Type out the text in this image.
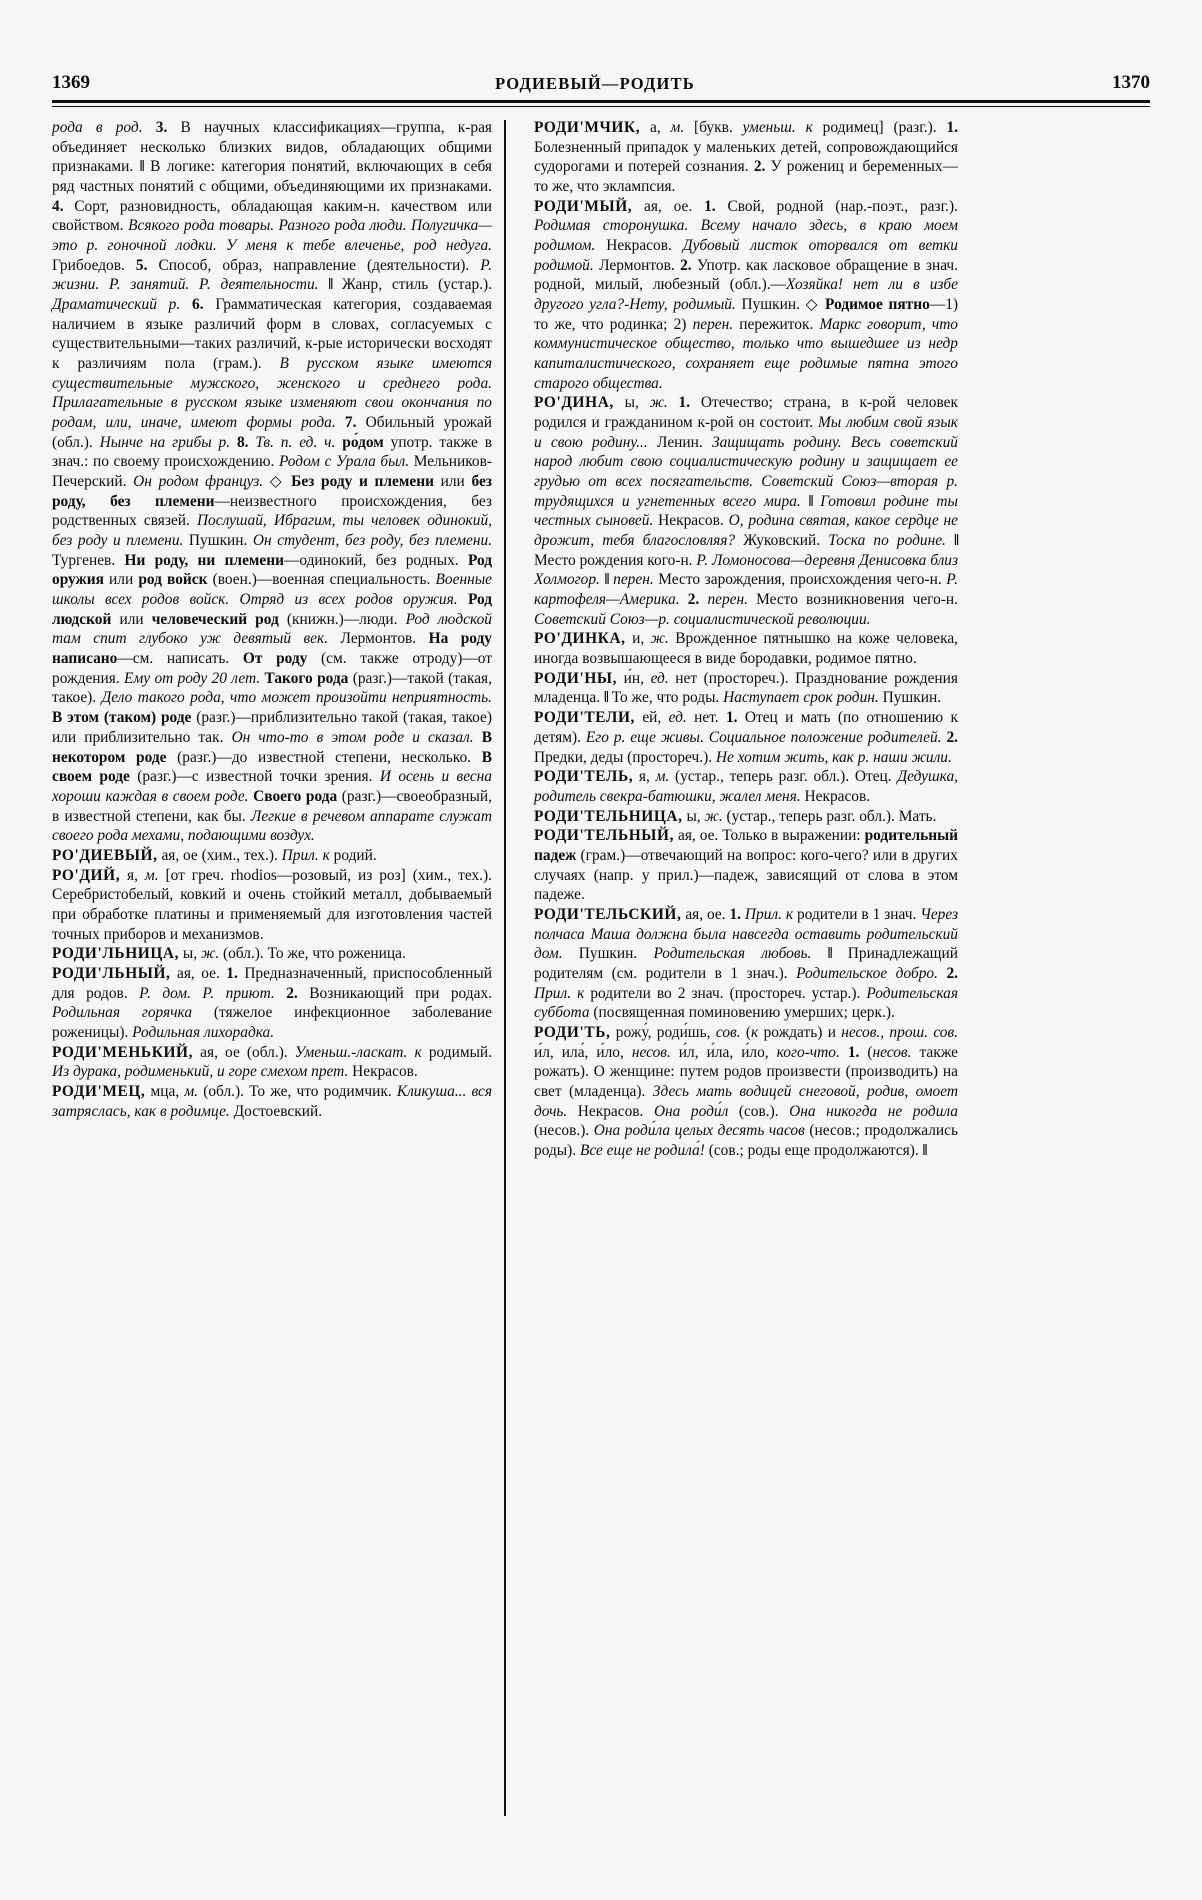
1369	РОДИЕВЫЙ—РОДИТЬ	1370

рода в род. 3. В научных классификациях—группа, к-рая объединяет несколько близких видов, обладающих общими признаками. ‖ В логике: категория понятий, включающих в себя ряд частных понятий с общими, объединяющими их признаками. 4. Сорт, разновидность, обладающая каким-н. качеством или свойством. Всякого рода товары. Разного рода люди. Полугичка—это р. гоночной лодки. У меня к тебе влеченье, род недуга. Грибоедов. 5. Способ, образ, направление (деятельности). Р. жизни. Р. занятий. Р. деятельности. ‖ Жанр, стиль (устар.). Драматический р. 6. Грамматическая категория, создаваемая наличием в языке различий форм в словах, согласуемых с существительными—таких различий, к-рые исторически восходят к различиям пола (грам.). В русском языке имеются существительные мужского, женского и среднего рода. Прилагательные в русском языке изменяют свои окончания по родам, или, иначе, имеют формы рода. 7. Обильный урожай (обл.). Нынче на грибы р. 8. Тв. п. ед. ч. ро́дом употр. также в знач.: по своему происхождению. Родом с Урала был. Мельников-Печерский. Он родом француз. ◇ Без роду и племени или без роду, без племени—неизвестного происхождения, без родственных связей. Послушай, Ибрагим, ты человек одинокий, без роду и племени. Пушкин. Он студент, без роду, без племени. Тургенев. Ни роду, ни племени—одинокий, без родных. Род оружия или род войск (воен.)—военная специальность. Военные школы всех родов войск. Отряд из всех родов оружия. Род людской или человеческий род (книжн.)—люди. Род людской там спит глубоко уж девятый век. Лермонтов. На роду написано—см. написать. От роду (см. также отроду)—от рождения. Ему от роду 20 лет. Такого рода (разг.)—такой (такая, такое). Дело такого рода, что может произойти неприятность. В этом (таком) роде (разг.)—приблизительно такой (такая, такое) или приблизительно так. Он что-то в этом роде и сказал. В некотором роде (разг.)—до известной степени, несколько. В своем роде (разг.)—с известной точки зрения. И осень и весна хороши каждая в своем роде. Своего рода (разг.)—своеобразный, в известной степени, как бы. Легкие в речевом аппарате служат своего рода мехами, подающими воздух.

РО'ДИЕВЫЙ, ая, ое (хим., тех.). Прил. к родий.

РО'ДИЙ, я, м. [от греч. rhodios—розовый, из роз] (хим., тех.). Серебристобелый, ковкий и очень стойкий металл, добываемый при обработке платины и применяемый для изготовления частей точных приборов и механизмов.

РОДИ'ЛЬНИЦА, ы, ж. (обл.). То же, что роженица.

РОДИ'ЛЬНЫЙ, ая, ое. 1. Предназначенный, приспособленный для родов. Р. дом. Р. приют. 2. Возникающий при родах. Родильная горячка (тяжелое инфекционное заболевание роженицы). Родильная лихорадка.

РОДИ'МЕНЬКИЙ, ая, ое (обл.). Уменьш.-ласкат. к родимый. Из дурака, родименький, и горе смехом прет. Некрасов.

РОДИ'МЕЦ, мца, м. (обл.). То же, что родимчик. Кликуша... вся затряслась, как в родимце. Достоевский.

РОДИ'МЧИК, а, м. [букв. уменьш. к родимец] (разг.). 1. Болезненный припадок у маленьких детей, сопровождающийся судорогами и потерей сознания. 2. У рожениц и беременных—то же, что эклампсия.

РОДИ'МЫЙ, ая, ое. 1. Свой, родной (нар.-поэт., разг.). Родимая сторонушка. Всему начало здесь, в краю моем родимом. Некрасов. Дубовый листок оторвался от ветки родимой. Лермонтов. 2. Употр. как ласковое обращение в знач. родной, милый, любезный (обл.).—Хозяйка! нет ли в избе другого угла?-Нету, родимый. Пушкин. ◇ Родимое пятно—1) то же, что родинка; 2) перен. пережиток. Маркс говорит, что коммунистическое общество, только что вышедшее из недр капиталистического, сохраняет еще родимые пятна этого старого общества.

РО'ДИНА, ы, ж. 1. Отечество; страна, в к-рой человек родился и гражданином к-рой он состоит. Мы любим свой язык и свою родину... Ленин. Защищать родину. Весь советский народ любит свою социалистическую родину и защищает ее грудью от всех посягательств. Советский Союз—вторая р. трудящихся и угнетенных всего мира. ‖ Готовил родине ты честных сыновей. Некрасов. О, родина святая, какое сердце не дрожит, тебя благословляя? Жуковский. Тоска по родине. ‖ Место рождения кого-н. Р. Ломоносова—деревня Денисовка близ Холмогор. ‖ перен. Место зарождения, происхождения чего-н. Р. картофеля—Америка. 2. перен. Место возникновения чего-н. Советский Союз—р. социалистической революции.

РО'ДИНКА, и, ж. Врожденное пятнышко на коже человека, иногда возвышающееся в виде бородавки, родимое пятно.

РОДИ'НЫ, и́н, ед. нет (простореч.). Празднование рождения младенца. ‖ То же, что роды. Наступает срок родин. Пушкин.

РОДИ'ТЕЛИ, ей, ед. нет. 1. Отец и мать (по отношению к детям). Его р. еще живы. Социальное положение родителей. 2. Предки, деды (простореч.). Не хотим жить, как р. наши жили.

РОДИ'ТЕЛЬ, я, м. (устар., теперь разг. обл.). Отец. Дедушка, родитель свекра-батюшки, жалел меня. Некрасов.

РОДИ'ТЕЛЬНИЦА, ы, ж. (устар., теперь разг. обл.). Мать.

РОДИ'ТЕЛЬНЫЙ, ая, ое. Только в выражении: родительный падеж (грам.)—отвечающий на вопрос: кого-чего? или в других случаях (напр. у прил.)—падеж, зависящий от слова в этом падеже.

РОДИ'ТЕЛЬСКИЙ, ая, ое. 1. Прил. к родители в 1 знач. Через полчаса Маша должна была навсегда оставить родительский дом. Пушкин. Родительская любовь. ‖ Принадлежащий родителям (см. родители в 1 знач.). Родительское добро. 2. Прил. к родители во 2 знач. (простореч. устар.). Родительская суббота (посвященная поминовению умерших; церк.).

РОДИ'ТЬ, рожу́, роди́шь, сов. (к рождать) и несов., прош. сов. и́л, ила́, и́ло, несов. и́л, и́ла, и́ло, кого-что. 1. (несов. также рожать). О женщине: путем родов произвести (производить) на свет (младенца). Здесь мать водицей снеговой, родив, омоет дочь. Некрасов. Она роди́л (сов.). Она никогда не родила (несов.). Она роди́ла целых десять часов (несов.; продолжались роды). Все еще не родила́! (сов.; роды еще продолжаются). ‖
